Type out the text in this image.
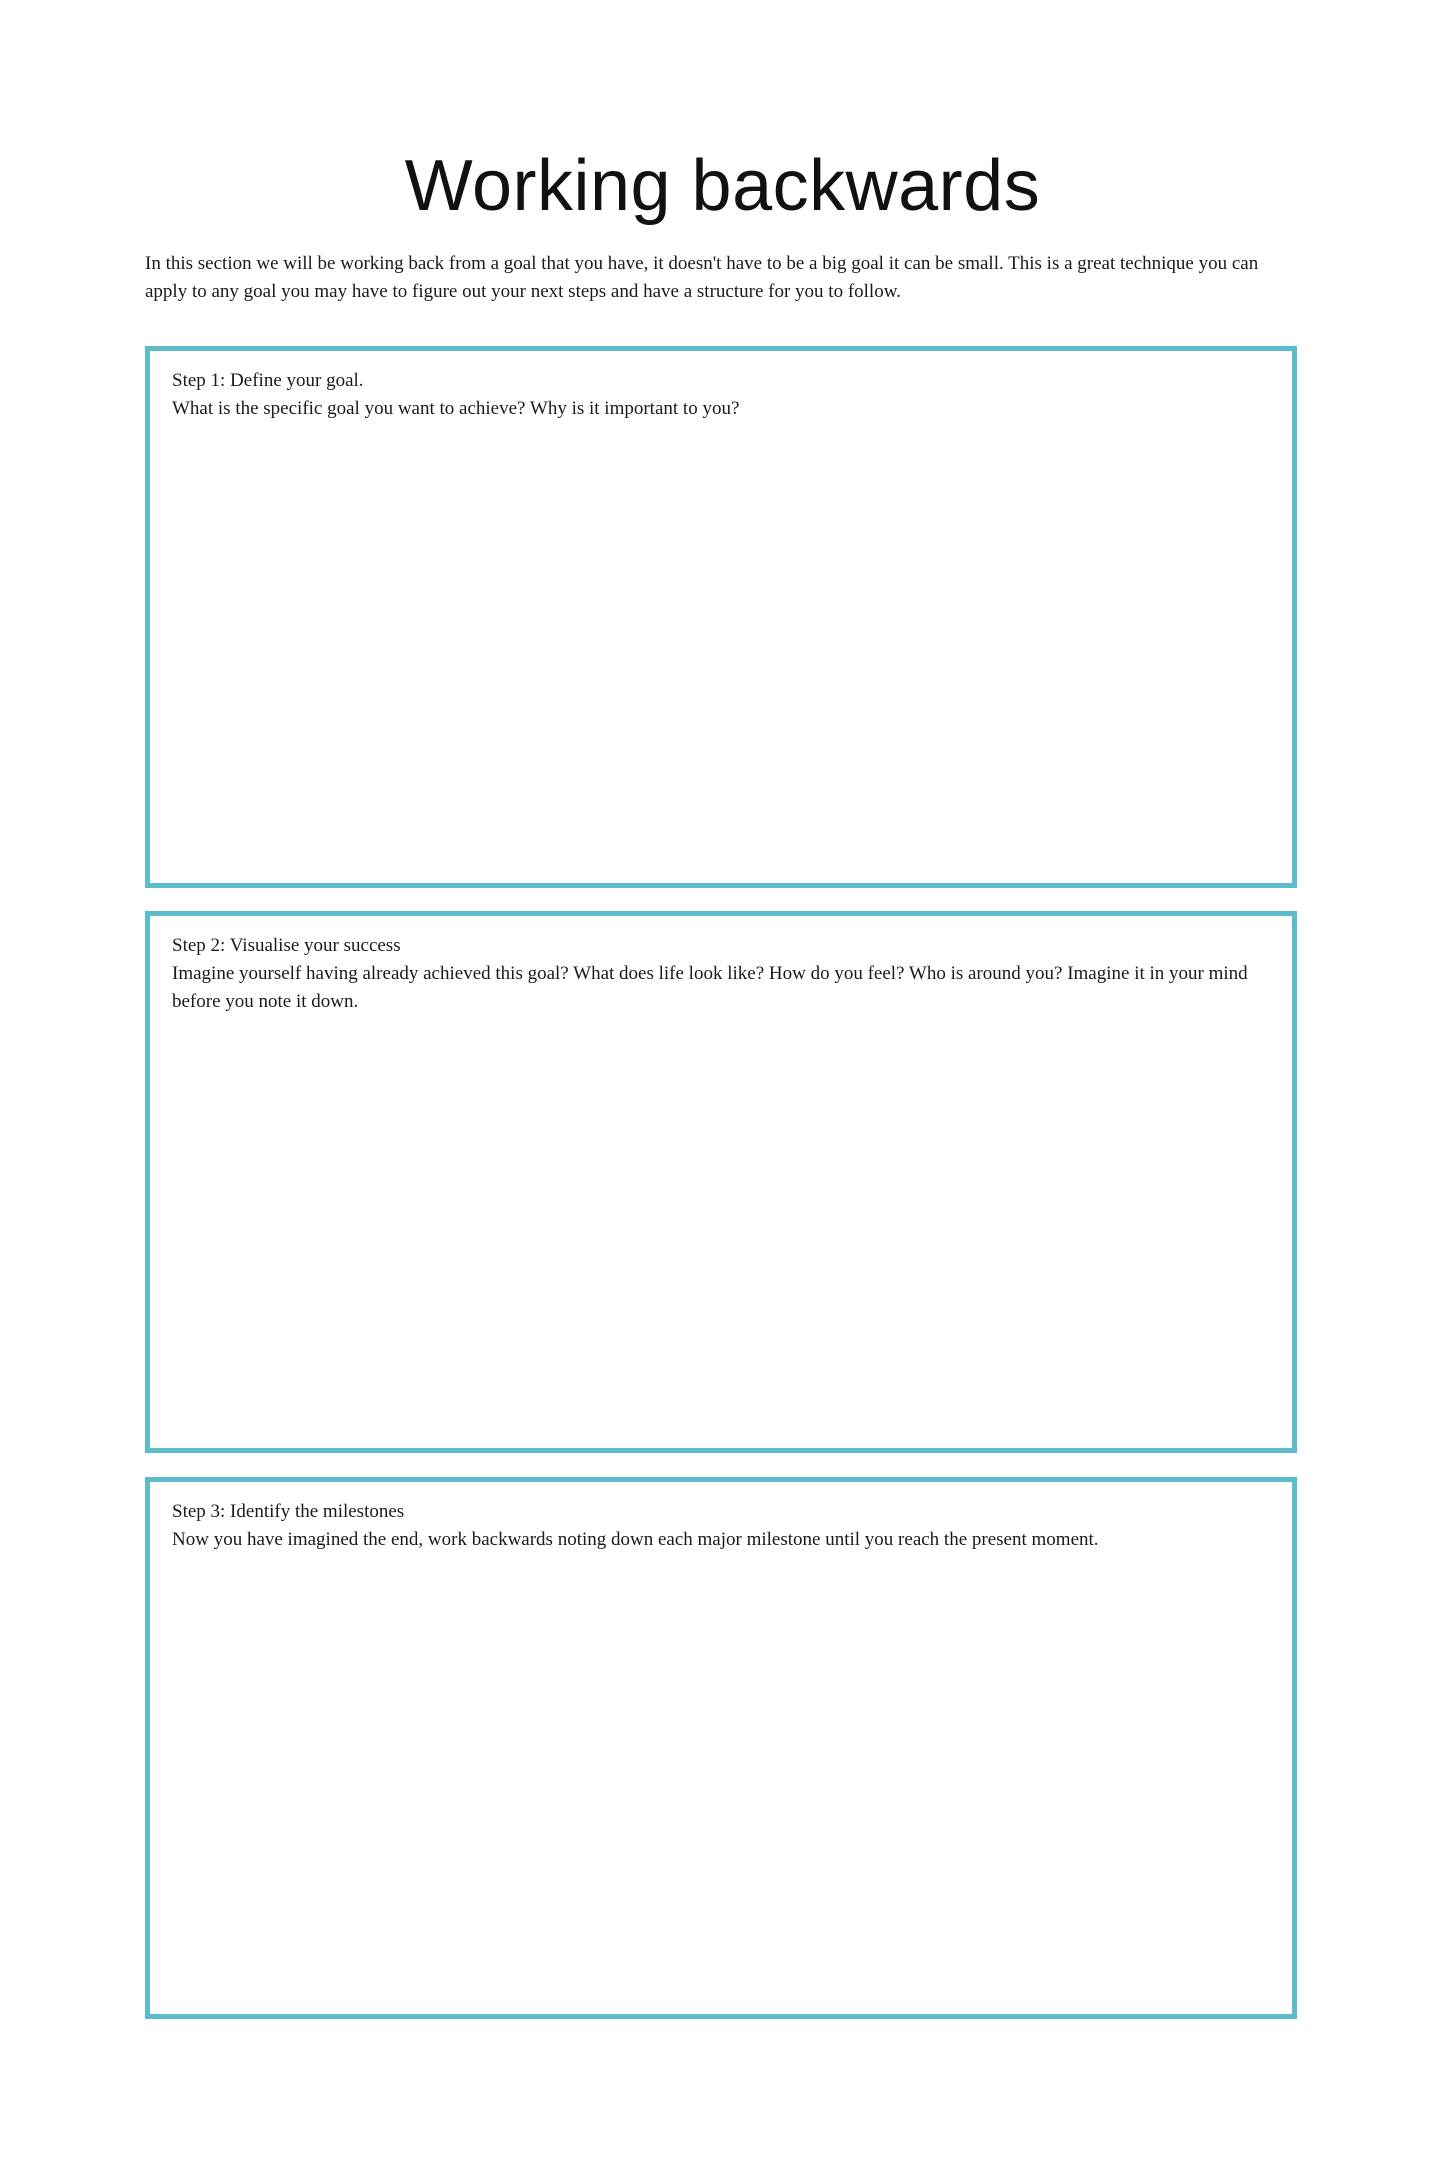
Working backwards

In this section we will be working back from a goal that you have, it doesn't have to be a big goal it can be small. This is a great technique you can apply to any goal you may have to figure out your next steps and have a structure for you to follow.

Step 1: Define your goal.
What is the specific goal you want to achieve? Why is it important to you?
Step 2: Visualise your success
Imagine yourself having already achieved this goal? What does life look like? How do you feel? Who is around you? Imagine it in your mind before you note it down.
Step 3: Identify the milestones
Now you have imagined the end, work backwards noting down each major milestone until you reach the present moment.
